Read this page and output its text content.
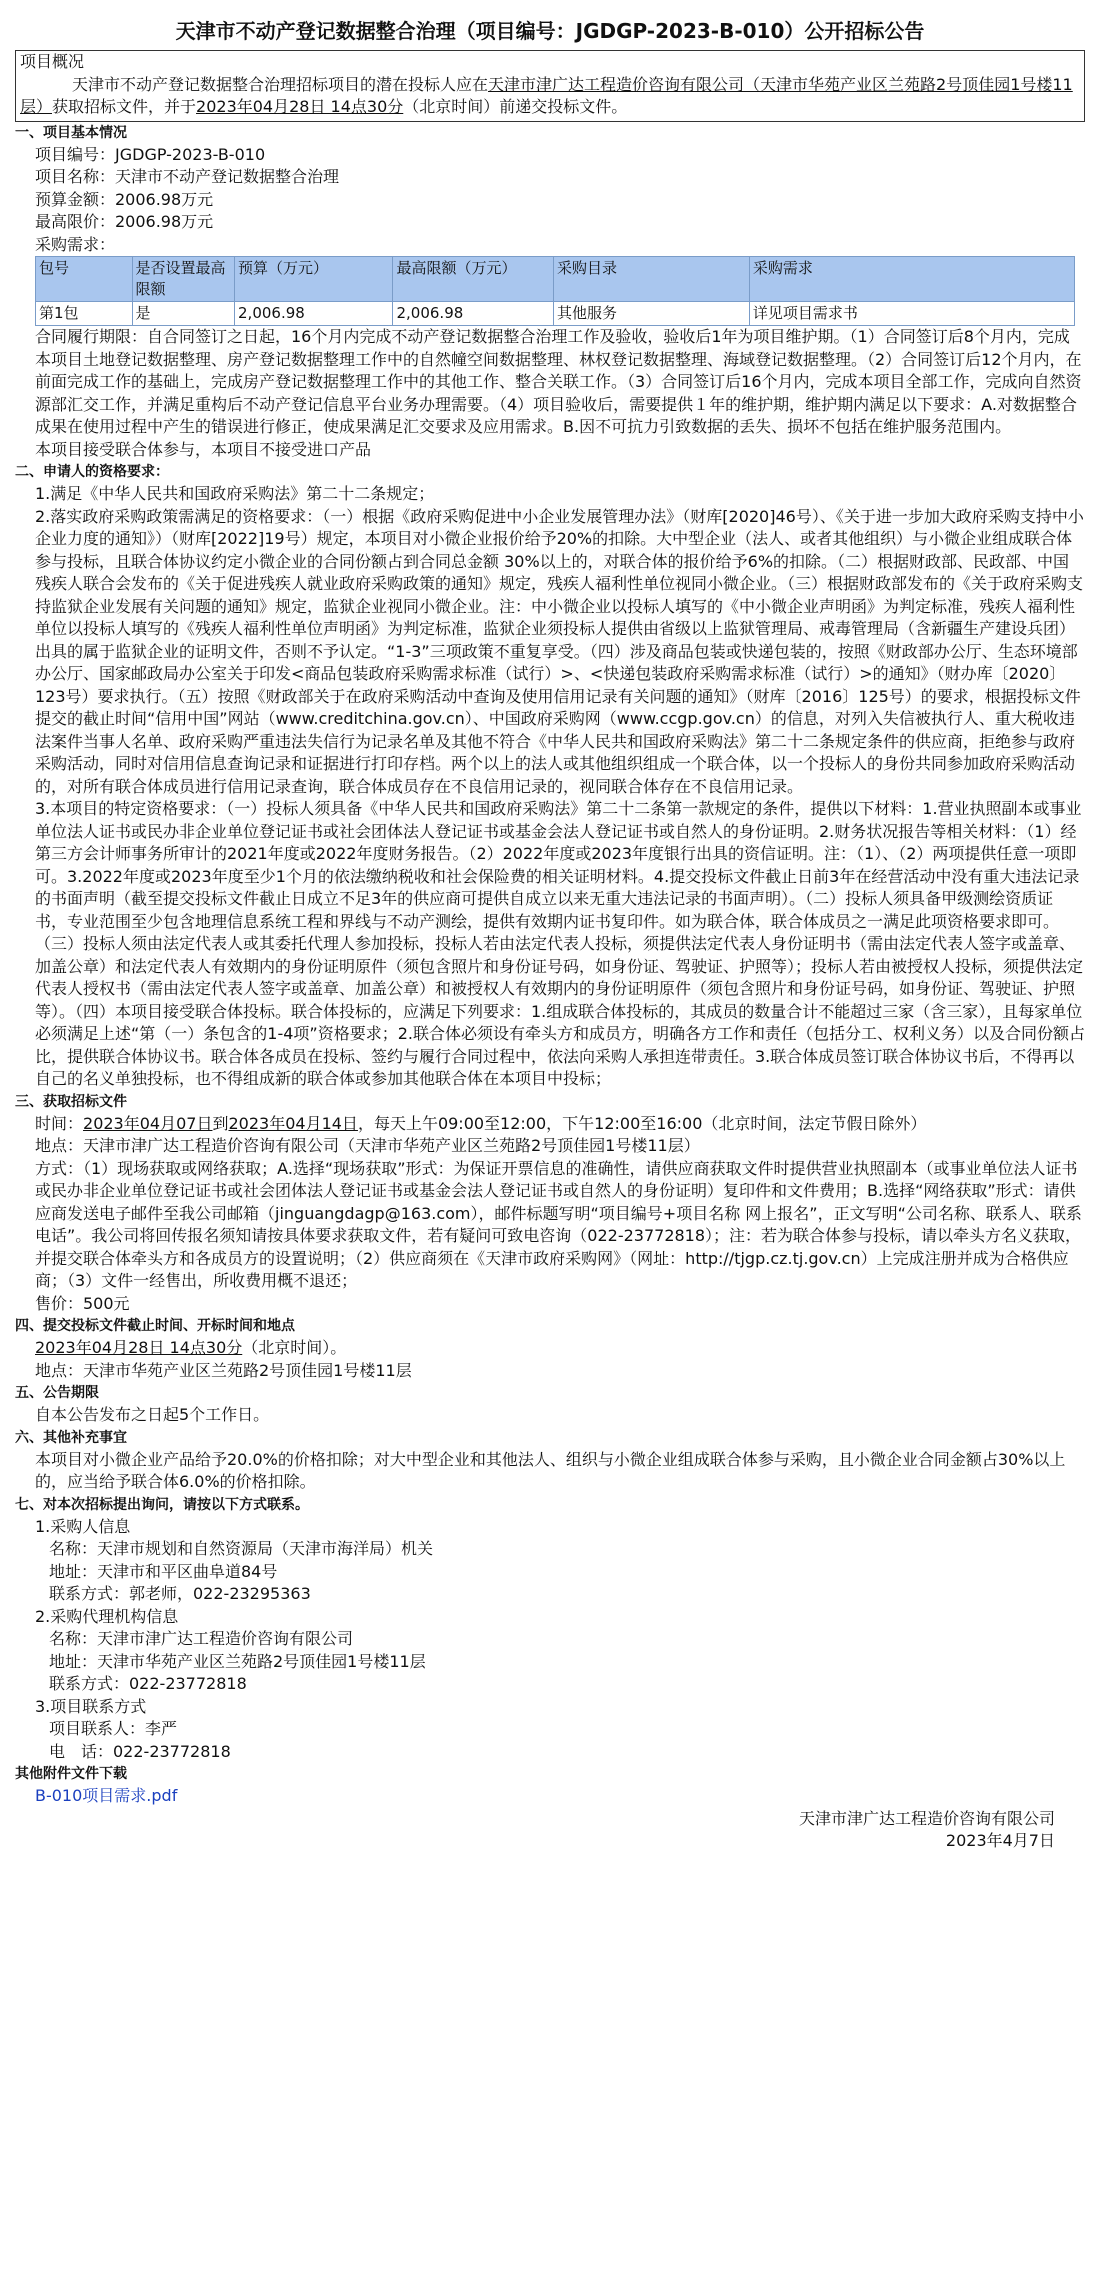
天津市不动产登记数据整合治理（项目编号：JGDGP-2023-B-010）公开招标公告
项目概况
天津市不动产登记数据整合治理招标项目的潜在投标人应在天津市津广达工程造价咨询有限公司（天津市华苑产业区兰苑路2号顶佳园1号楼11层）获取招标文件，并于2023年04月28日 14点30分（北京时间）前递交投标文件。
一、项目基本情况
项目编号：JGDGP-2023-B-010
项目名称：天津市不动产登记数据整合治理
预算金额：2006.98万元
最高限价：2006.98万元
采购需求：
包号	是否设置最高限额	预算（万元）	最高限额（万元）	采购目录	采购需求
第1包	是	2,006.98	2,006.98	其他服务	详见项目需求书
合同履行期限：自合同签订之日起，16个月内完成不动产登记数据整合治理工作及验收，验收后1年为项目维护期。（1）合同签订后8个月内，完成本项目土地登记数据整理、房产登记数据整理工作中的自然幢空间数据整理、林权登记数据整理、海域登记数据整理。（2）合同签订后12个月内，在前面完成工作的基础上，完成房产登记数据整理工作中的其他工作、整合关联工作。（3）合同签订后16个月内，完成本项目全部工作，完成向自然资源部汇交工作，并满足重构后不动产登记信息平台业务办理需要。（4）项目验收后，需要提供１年的维护期，维护期内满足以下要求：A.对数据整合成果在使用过程中产生的错误进行修正，使成果满足汇交要求及应用需求。B.因不可抗力引致数据的丢失、损坏不包括在维护服务范围内。
本项目接受联合体参与，本项目不接受进口产品
二、申请人的资格要求：
1.满足《中华人民共和国政府采购法》第二十二条规定；
2.落实政府采购政策需满足的资格要求：（一）根据《政府采购促进中小企业发展管理办法》（财库[2020]46号）、《关于进一步加大政府采购支持中小企业力度的通知》）（财库[2022]19号）规定，本项目对小微企业报价给予20%的扣除。大中型企业（法人、或者其他组织）与小微企业组成联合体参与投标，且联合体协议约定小微企业的合同份额占到合同总金额 30%以上的，对联合体的报价给予6%的扣除。（二）根据财政部、民政部、中国残疾人联合会发布的《关于促进残疾人就业政府采购政策的通知》规定，残疾人福利性单位视同小微企业。（三）根据财政部发布的《关于政府采购支持监狱企业发展有关问题的通知》规定，监狱企业视同小微企业。注：中小微企业以投标人填写的《中小微企业声明函》为判定标准，残疾人福利性单位以投标人填写的《残疾人福利性单位声明函》为判定标准，监狱企业须投标人提供由省级以上监狱管理局、戒毒管理局（含新疆生产建设兵团）出具的属于监狱企业的证明文件，否则不予认定。“1-3”三项政策不重复享受。（四）涉及商品包装或快递包装的，按照《财政部办公厅、生态环境部办公厅、国家邮政局办公室关于印发<商品包装政府采购需求标准（试行）>、<快递包装政府采购需求标准（试行）>的通知》（财办库〔2020〕123号）要求执行。（五）按照《财政部关于在政府采购活动中查询及使用信用记录有关问题的通知》（财库〔2016〕125号）的要求，根据投标文件提交的截止时间“信用中国”网站（www.creditchina.gov.cn）、中国政府采购网（www.ccgp.gov.cn）的信息，对列入失信被执行人、重大税收违法案件当事人名单、政府采购严重违法失信行为记录名单及其他不符合《中华人民共和国政府采购法》第二十二条规定条件的供应商，拒绝参与政府采购活动，同时对信用信息查询记录和证据进行打印存档。两个以上的法人或其他组织组成一个联合体，以一个投标人的身份共同参加政府采购活动的，对所有联合体成员进行信用记录查询，联合体成员存在不良信用记录的，视同联合体存在不良信用记录。
3.本项目的特定资格要求：（一）投标人须具备《中华人民共和国政府采购法》第二十二条第一款规定的条件，提供以下材料：1.营业执照副本或事业单位法人证书或民办非企业单位登记证书或社会团体法人登记证书或基金会法人登记证书或自然人的身份证明。2.财务状况报告等相关材料：（1）经第三方会计师事务所审计的2021年度或2022年度财务报告。（2）2022年度或2023年度银行出具的资信证明。注：（1）、（2）两项提供任意一项即可。3.2022年度或2023年度至少1个月的依法缴纳税收和社会保险费的相关证明材料。4.提交投标文件截止日前3年在经营活动中没有重大违法记录的书面声明（截至提交投标文件截止日成立不足3年的供应商可提供自成立以来无重大违法记录的书面声明）。（二）投标人须具备甲级测绘资质证书，专业范围至少包含地理信息系统工程和界线与不动产测绘，提供有效期内证书复印件。如为联合体，联合体成员之一满足此项资格要求即可。（三）投标人须由法定代表人或其委托代理人参加投标，投标人若由法定代表人投标，须提供法定代表人身份证明书（需由法定代表人签字或盖章、加盖公章）和法定代表人有效期内的身份证明原件（须包含照片和身份证号码，如身份证、驾驶证、护照等）；投标人若由被授权人投标，须提供法定代表人授权书（需由法定代表人签字或盖章、加盖公章）和被授权人有效期内的身份证明原件（须包含照片和身份证号码，如身份证、驾驶证、护照等）。（四）本项目接受联合体投标。联合体投标的，应满足下列要求：1.组成联合体投标的，其成员的数量合计不能超过三家（含三家），且每家单位必须满足上述“第（一）条包含的1-4项”资格要求；2.联合体必须设有牵头方和成员方，明确各方工作和责任（包括分工、权利义务）以及合同份额占比，提供联合体协议书。联合体各成员在投标、签约与履行合同过程中，依法向采购人承担连带责任。3.联合体成员签订联合体协议书后，不得再以自己的名义单独投标，也不得组成新的联合体或参加其他联合体在本项目中投标；
三、获取招标文件
时间：2023年04月07日到2023年04月14日，每天上午09:00至12:00，下午12:00至16:00（北京时间，法定节假日除外）
地点：天津市津广达工程造价咨询有限公司（天津市华苑产业区兰苑路2号顶佳园1号楼11层）
方式：（1）现场获取或网络获取；A.选择“现场获取”形式：为保证开票信息的准确性，请供应商获取文件时提供营业执照副本（或事业单位法人证书或民办非企业单位登记证书或社会团体法人登记证书或基金会法人登记证书或自然人的身份证明）复印件和文件费用；B.选择“网络获取”形式：请供应商发送电子邮件至我公司邮箱（jinguangdagp@163.com），邮件标题写明“项目编号+项目名称 网上报名”，正文写明“公司名称、联系人、联系电话”。我公司将回传报名须知请按具体要求获取文件，若有疑问可致电咨询（022-23772818）；注：若为联合体参与投标，请以牵头方名义获取，并提交联合体牵头方和各成员方的设置说明；（2）供应商须在《天津市政府采购网》（网址：http://tjgp.cz.tj.gov.cn）上完成注册并成为合格供应商；（3）文件一经售出，所收费用概不退还；
售价：500元
四、提交投标文件截止时间、开标时间和地点
2023年04月28日 14点30分（北京时间）。
地点：天津市华苑产业区兰苑路2号顶佳园1号楼11层
五、公告期限
自本公告发布之日起5个工作日。
六、其他补充事宜
本项目对小微企业产品给予20.0%的价格扣除；对大中型企业和其他法人、组织与小微企业组成联合体参与采购，且小微企业合同金额占30%以上的，应当给予联合体6.0%的价格扣除。
七、对本次招标提出询问，请按以下方式联系。
1.采购人信息
名称：天津市规划和自然资源局（天津市海洋局）机关
地址：天津市和平区曲阜道84号
联系方式：郭老师，022-23295363
2.采购代理机构信息
名称：天津市津广达工程造价咨询有限公司
地址：天津市华苑产业区兰苑路2号顶佳园1号楼11层
联系方式：022-23772818
3.项目联系方式
项目联系人：李严
电　话：022-23772818
其他附件文件下载
B-010项目需求.pdf
天津市津广达工程造价咨询有限公司
2023年4月7日
